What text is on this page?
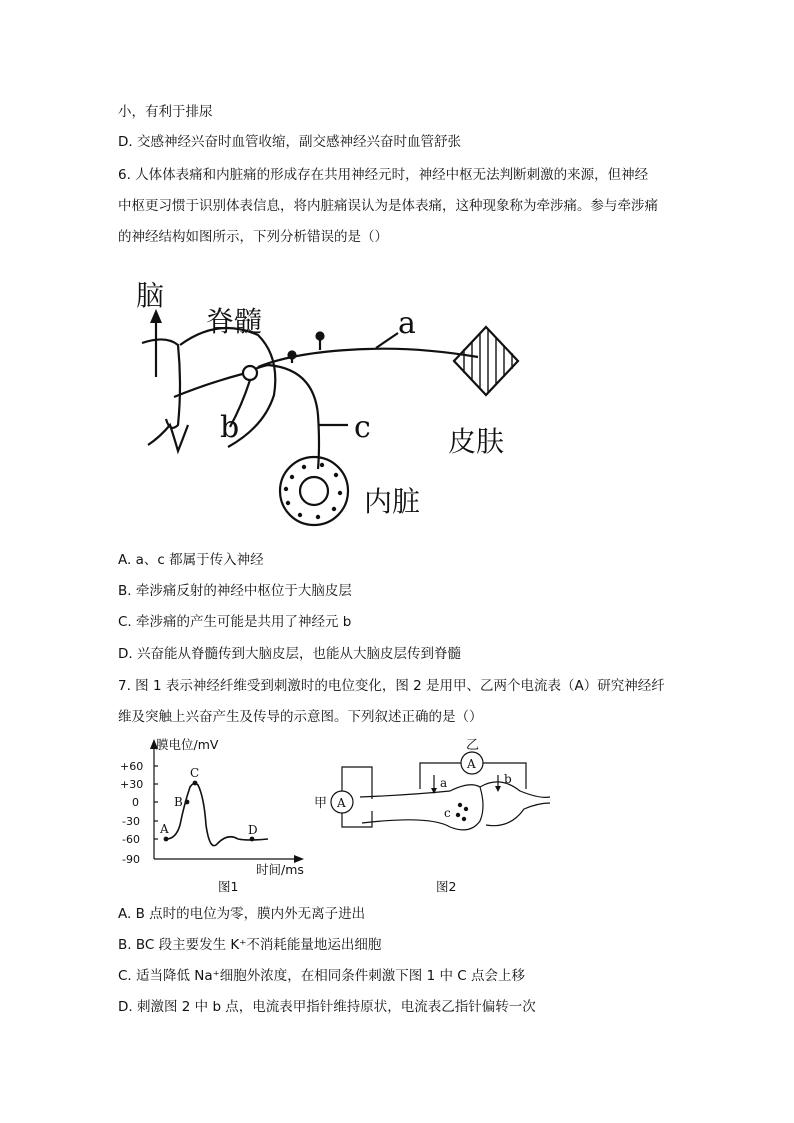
小，有利于排尿
D. 交感神经兴奋时血管收缩，副交感神经兴奋时血管舒张
6. 人体体表痛和内脏痛的形成存在共用神经元时，神经中枢无法判断刺激的来源，但神经
中枢更习惯于识别体表信息，将内脏痛误认为是体表痛，这种现象称为牵涉痛。参与牵涉痛
的神经结构如图所示，下列分析错误的是（）
脑
脊髓	a
b	c	皮肤
内脏
A. a、c 都属于传入神经
B. 牵涉痛反射的神经中枢位于大脑皮层
C. 牵涉痛的产生可能是共用了神经元 b
D. 兴奋能从脊髓传到大脑皮层，也能从大脑皮层传到脊髓
7. 图 1 表示神经纤维受到刺激时的电位变化，图 2 是用甲、乙两个电流表（A）研究神经纤
维及突触上兴奋产生及传导的示意图。下列叙述正确的是（）
膜电位/mV
+60
+30
0
-30
-60
-90
A
B
C
D
时间/ms
图1
甲 A
乙
A
a	b
c
图2
A. B 点时的电位为零，膜内外无离子进出
B. BC 段主要发生 K⁺不消耗能量地运出细胞
C. 适当降低 Na⁺细胞外浓度，在相同条件刺激下图 1 中 C 点会上移
D. 刺激图 2 中 b 点，电流表甲指针维持原状，电流表乙指针偏转一次
